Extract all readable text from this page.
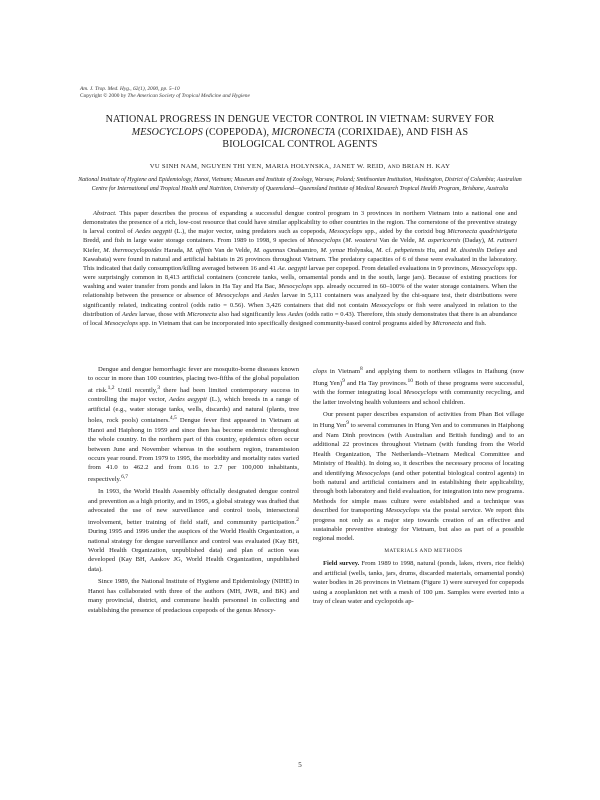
Am. J. Trop. Med. Hyg., 62(1), 2000, pp. 5–10
Copyright © 2000 by The American Society of Tropical Medicine and Hygiene
NATIONAL PROGRESS IN DENGUE VECTOR CONTROL IN VIETNAM: SURVEY FOR
MESOCYCLOPS (COPEPODA), MICRONECTA (CORIXIDAE), AND FISH AS
BIOLOGICAL CONTROL AGENTS
VU SINH NAM, NGUYEN THI YEN, MARIA HOLYNSKA, JANET W. REID, AND BRIAN H. KAY
National Institute of Hygiene and Epidemiology, Hanoi, Vietnam; Museum and Institute of Zoology, Warsaw, Poland; Smithsonian Institution, Washington, District of Columbia; Australian Centre for International and Tropical Health and Nutrition, University of Queensland—Queensland Institute of Medical Research Tropical Health Program, Brisbane, Australia
Abstract. This paper describes the process of expanding a successful dengue control program in 3 provinces in northern Vietnam into a national one and demonstrates the presence of a rich, low-cost resource that could have similar applicability to other countries in the region. The cornerstone of the preventive strategy is larval control of Aedes aegypti (L.), the major vector, using predators such as copepods, Mesocyclops spp., aided by the corixid bug Micronecta quadristrigata Bredd, and fish in large water storage containers. From 1989 to 1998, 9 species of Mesocyclops (M. woutersi Van de Velde, M. aspericornis (Daday), M. ruttneri Kiefer, M. thermocyclopoides Harada, M. affinis Van de Velde, M. ogunnus Onabamiro, M. yenae Holynska, M. cf. pehpeiensis Hu, and M. dissimilis Defaye and Kawabata) were found in natural and artificial habitats in 26 provinces throughout Vietnam. The predatory capacities of 6 of these were evaluated in the laboratory. This indicated that daily consumption/killing averaged between 16 and 41 Ae. aegypti larvae per copepod. From detailed evaluations in 9 provinces, Mesocyclops spp. were surprisingly common in 8,413 artificial containers (concrete tanks, wells, ornamental ponds and in the south, large jars). Because of existing practices for washing and water transfer from ponds and lakes in Ha Tay and Ha Bac, Mesocyclops spp. already occurred in 60–100% of the water storage containers. When the relationship between the presence or absence of Mesocyclops and Aedes larvae in 5,111 containers was analyzed by the chi-square test, their distributions were significantly related, indicating control (odds ratio = 0.56). When 3,426 containers that did not contain Mesocyclops or fish were analyzed in relation to the distribution of Aedes larvae, those with Micronecta also had significantly less Aedes (odds ratio = 0.43). Therefore, this study demonstrates that there is an abundance of local Mesocyclops spp. in Vietnam that can be incorporated into specifically designed community-based control programs aided by Micronecta and fish.

Dengue and dengue hemorrhagic fever are mosquito-borne diseases known to occur in more than 100 countries, placing two-fifths of the global population at risk.$^{1,2}$ Until recently,$^3$ there had been limited contemporary success in controlling the major vector, Aedes aegypti (L.), which breeds in a range of artificial (e.g., water storage tanks, wells, discards) and natural (plants, tree holes, rock pools) containers.$^{4,5}$ Dengue fever first appeared in Vietnam at Hanoi and Haiphong in 1959 and since then has become endemic throughout the whole country. In the northern part of this country, epidemics often occur between June and November whereas in the southern region, transmission occurs year round. From 1979 to 1995, the morbidity and mortality rates varied from 41.0 to 462.2 and from 0.16 to 2.7 per 100,000 inhabitants, respectively.$^{6,7}$

In 1993, the World Health Assembly officially designated dengue control and prevention as a high priority, and in 1995, a global strategy was drafted that advocated the use of new surveillance and control tools, intersectoral involvement, better training of field staff, and community participation.$^2$ During 1995 and 1996 under the auspices of the World Health Organization, a national strategy for dengue surveillance and control was evaluated (Kay BH, World Health Organization, unpublished data) and plan of action was developed (Kay BH, Aaskov JG, World Health Organization, unpublished data).

Since 1989, the National Institute of Hygiene and Epidemiology (NIHE) in Hanoi has collaborated with three of the authors (MH, JWR, and BK) and many provincial, district, and commune health personnel in collecting and establishing the presence of predacious copepods of the genus Mesocy-

clops in Vietnam$^8$ and applying them to northern villages in Haihung (now Hung Yen)$^9$ and Ha Tay provinces.$^{10}$ Both of these programs were successful, with the former integrating local Mesocyclops with community recycling, and the latter involving health volunteers and school children.

Our present paper describes expansion of activities from Phan Boi village in Hung Yen$^9$ to several communes in Hung Yen and to communes in Haiphong and Nam Dinh provinces (with Australian and British funding) and to an additional 22 provinces throughout Vietnam (with funding from the World Health Organization, The Netherlands–Vietnam Medical Committee and Ministry of Health). In doing so, it describes the necessary process of locating and identifying Mesocyclops (and other potential biological control agents) in both natural and artificial containers and in establishing their applicability, through both laboratory and field evaluation, for integration into new programs. Methods for simple mass culture were established and a technique was described for transporting Mesocyclops via the postal service. We report this progress not only as a major step towards creation of an effective and sustainable preventive strategy for Vietnam, but also as part of a possible regional model.

MATERIALS AND METHODS

Field survey. From 1989 to 1998, natural (ponds, lakes, rivers, rice fields) and artificial (wells, tanks, jars, drums, discarded materials, ornamental ponds) water bodies in 26 provinces in Vietnam (Figure 1) were surveyed for copepods using a zooplankton net with a mesh of 100 μm. Samples were everted into a tray of clean water and cyclopoids ap-

5
